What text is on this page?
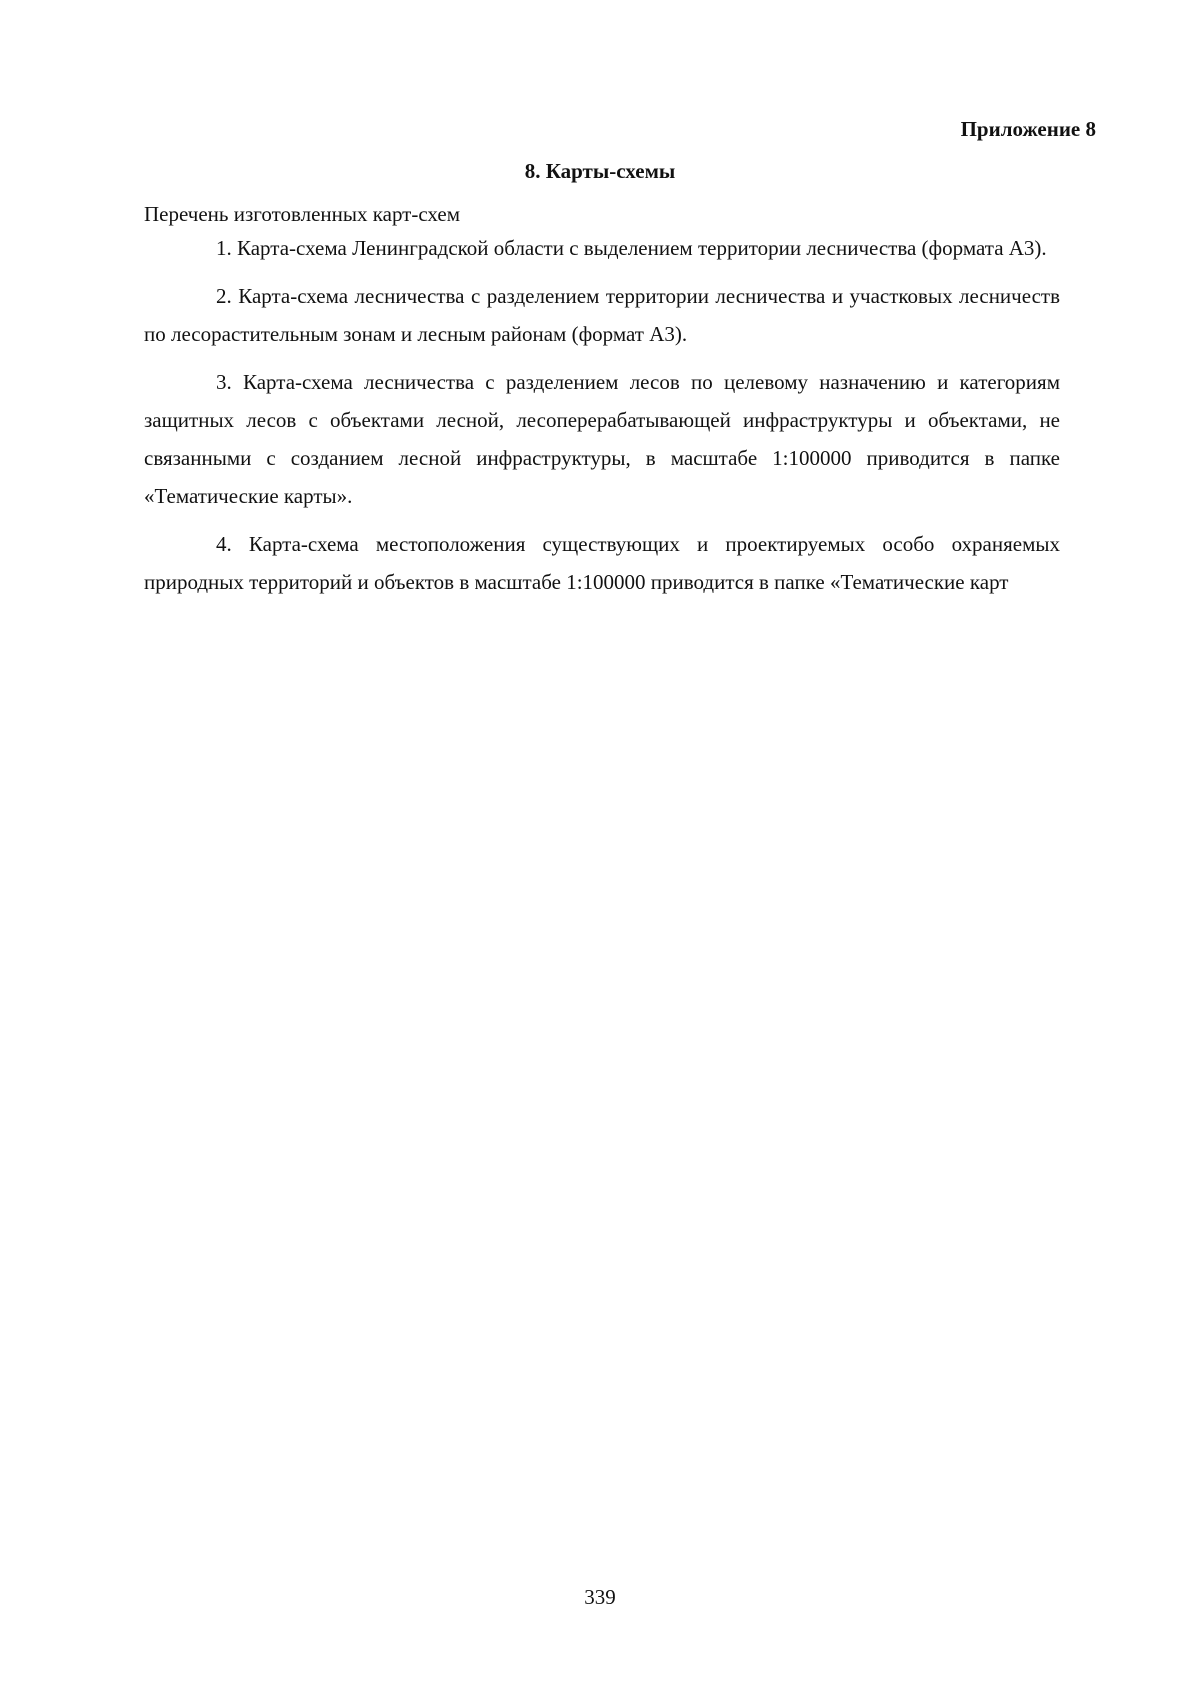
Приложение 8
8. Карты-схемы

Перечень изготовленных карт-схем

1. Карта-схема Ленинградской области с выделением территории лесничества (формата А3).

2. Карта-схема лесничества с разделением территории лесничества и участковых лесничеств по лесорастительным зонам и лесным районам (формат А3).

3. Карта-схема лесничества с разделением лесов по целевому назначению и категориям защитных лесов с объектами лесной, лесоперерабатывающей инфраструктуры и объектами, не связанными с созданием лесной инфраструктуры, в масштабе 1:100000 приводится в папке «Тематические карты».

4. Карта-схема местоположения существующих и проектируемых особо охраняемых природных территорий и объектов в масштабе 1:100000 приводится в папке «Тематические карт

339
